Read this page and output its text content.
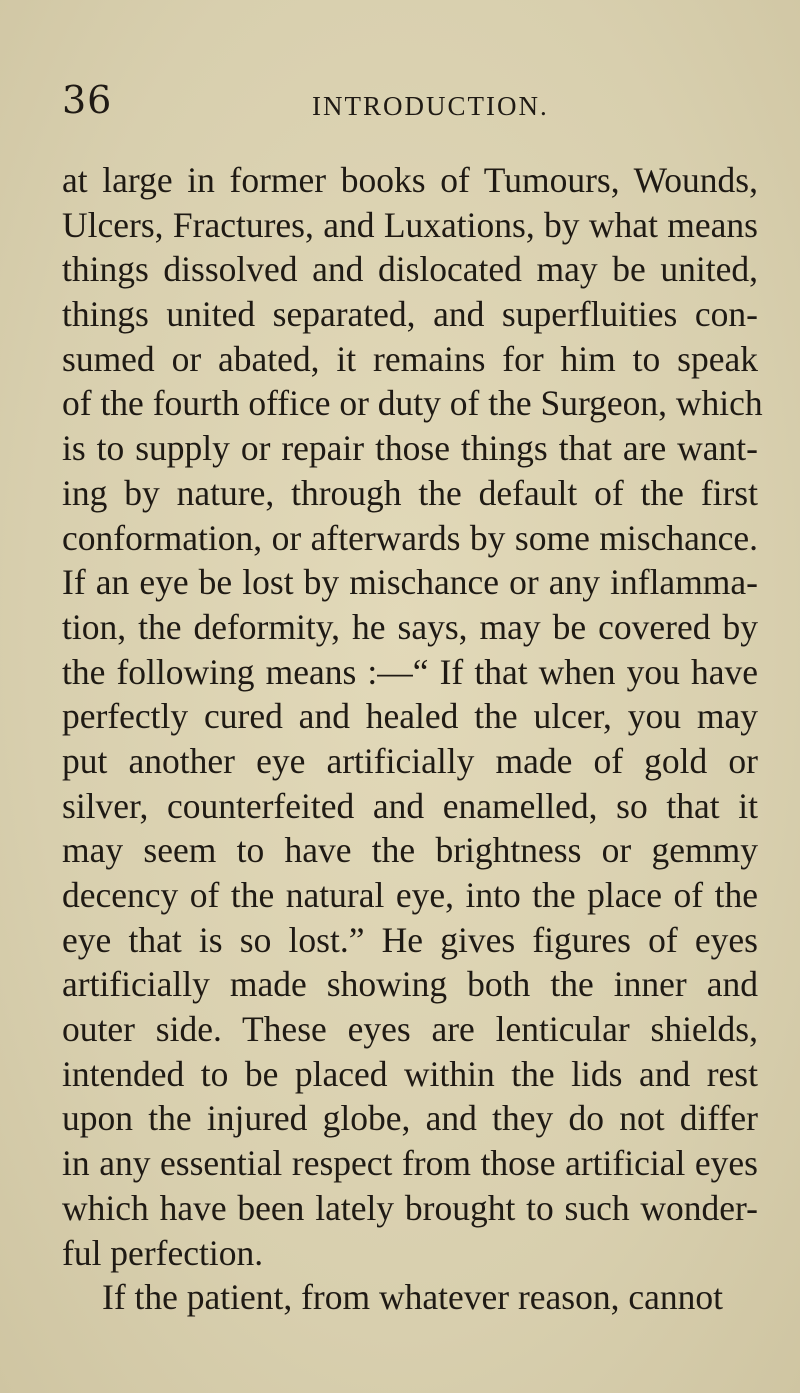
36	INTRODUCTION.
at large in former books of Tumours, Wounds,
Ulcers, Fractures, and Luxations, by what means
things dissolved and dislocated may be united,
things united separated, and superfluities con-
sumed or abated, it remains for him to speak
of the fourth office or duty of the Surgeon, which
is to supply or repair those things that are want-
ing by nature, through the default of the first
conformation, or afterwards by some mischance.
If an eye be lost by mischance or any inflamma-
tion, the deformity, he says, may be covered by
the following means :—“ If that when you have
perfectly cured and healed the ulcer, you may
put another eye artificially made of gold or
silver, counterfeited and enamelled, so that it
may seem to have the brightness or gemmy
decency of the natural eye, into the place of the
eye that is so lost.” He gives figures of eyes
artificially made showing both the inner and
outer side. These eyes are lenticular shields,
intended to be placed within the lids and rest
upon the injured globe, and they do not differ
in any essential respect from those artificial eyes
which have been lately brought to such wonder-
ful perfection.
If the patient, from whatever reason, cannot
